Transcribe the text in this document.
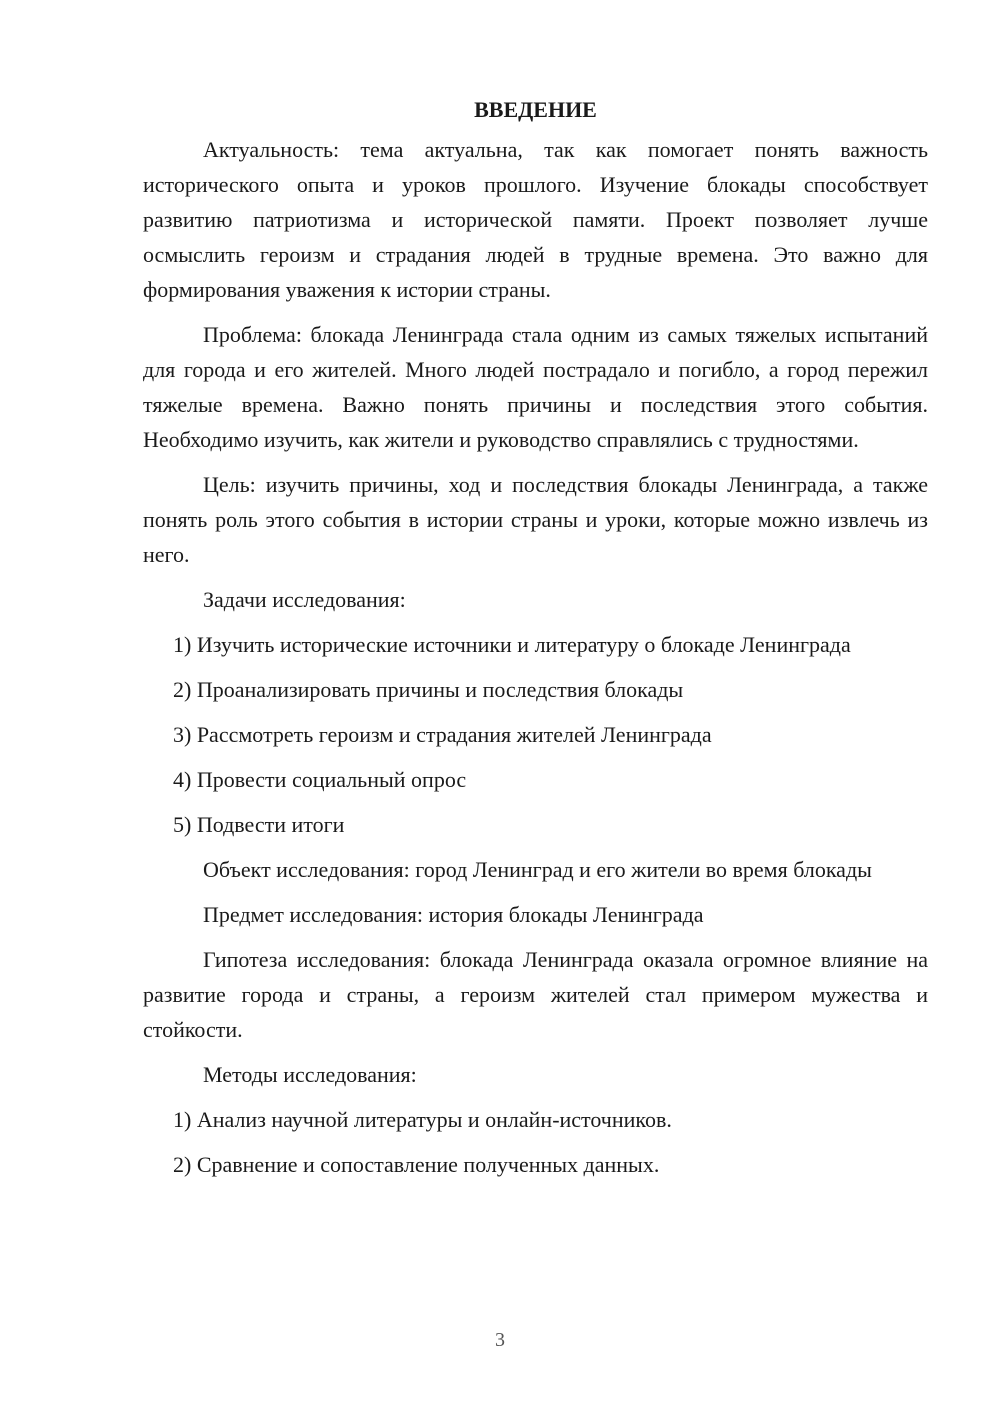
ВВЕДЕНИЕ

Актуальность: тема актуальна, так как помогает понять важность исторического опыта и уроков прошлого. Изучение блокады способствует развитию патриотизма и исторической памяти. Проект позволяет лучше осмыслить героизм и страдания людей в трудные времена. Это важно для формирования уважения к истории страны.

Проблема: блокада Ленинграда стала одним из самых тяжелых испытаний для города и его жителей. Много людей пострадало и погибло, а город пережил тяжелые времена. Важно понять причины и последствия этого события. Необходимо изучить, как жители и руководство справлялись с трудностями.

Цель: изучить причины, ход и последствия блокады Ленинграда, а также понять роль этого события в истории страны и уроки, которые можно извлечь из него.

Задачи исследования:

1) Изучить исторические источники и литературу о блокаде Ленинграда

2) Проанализировать причины и последствия блокады

3) Рассмотреть героизм и страдания жителей Ленинграда

4) Провести социальный опрос

5) Подвести итоги

Объект исследования: город Ленинград и его жители во время блокады

Предмет исследования: история блокады Ленинграда

Гипотеза исследования: блокада Ленинграда оказала огромное влияние на развитие города и страны, а героизм жителей стал примером мужества и стойкости.

Методы исследования:

1) Анализ научной литературы и онлайн-источников.

2) Сравнение и сопоставление полученных данных.

3
